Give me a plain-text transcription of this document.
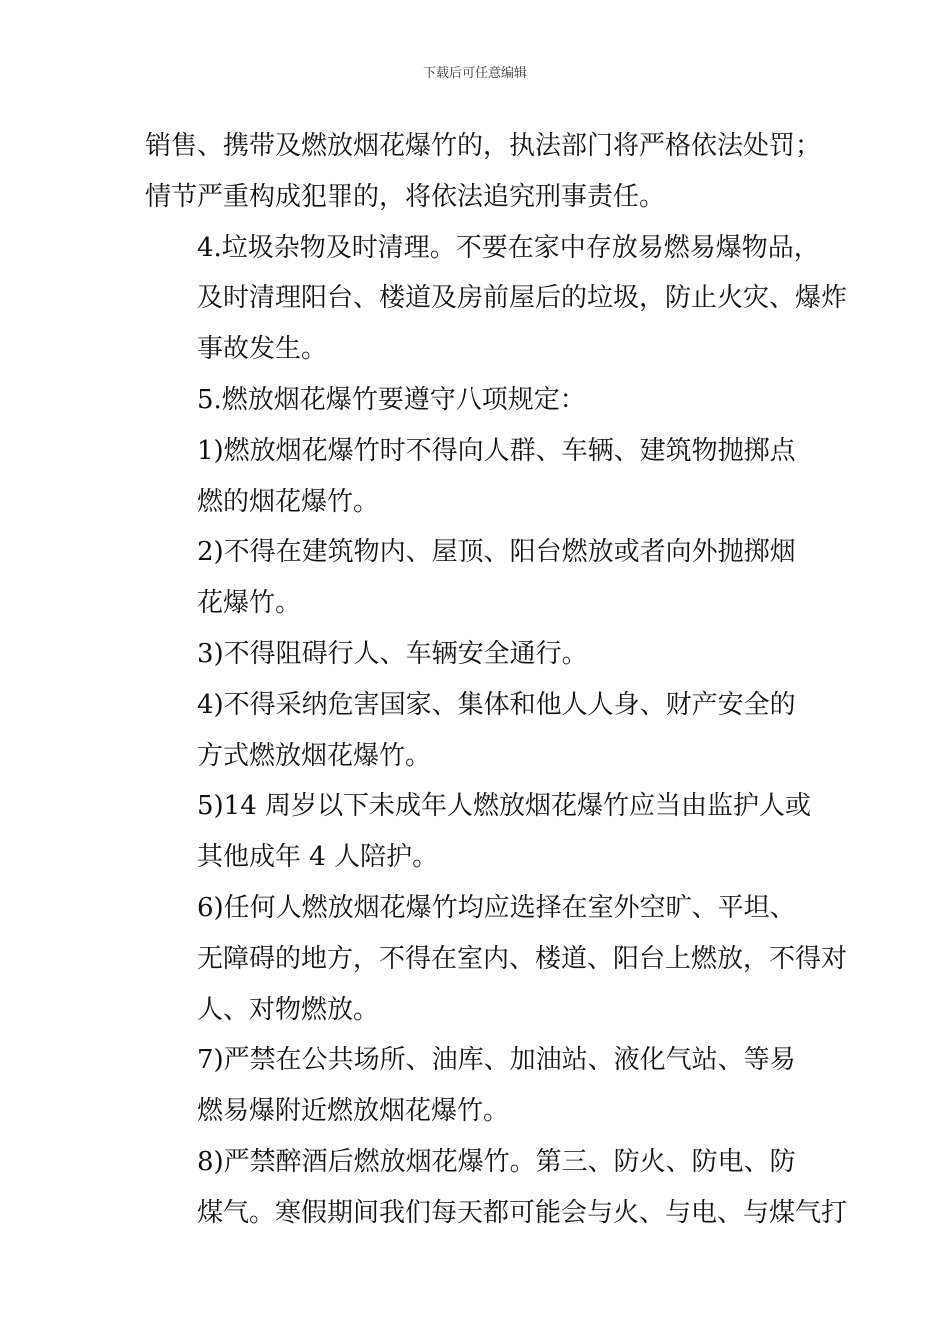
下载后可任意编辑

销售、携带及燃放烟花爆竹的，执法部门将严格依法处罚；
情节严重构成犯罪的，将依法追究刑事责任。

4.垃圾杂物及时清理。不要在家中存放易燃易爆物品，
及时清理阳台、楼道及房前屋后的垃圾，防止火灾、爆炸
事故发生。

5.燃放烟花爆竹要遵守八项规定：

1)燃放烟花爆竹时不得向人群、车辆、建筑物抛掷点
燃的烟花爆竹。

2)不得在建筑物内、屋顶、阳台燃放或者向外抛掷烟
花爆竹。

3)不得阻碍行人、车辆安全通行。

4)不得采纳危害国家、集体和他人人身、财产安全的
方式燃放烟花爆竹。

5)14 周岁以下未成年人燃放烟花爆竹应当由监护人或
其他成年 4 人陪护。

6)任何人燃放烟花爆竹均应选择在室外空旷、平坦、
无障碍的地方，不得在室内、楼道、阳台上燃放，不得对
人、对物燃放。

7)严禁在公共场所、油库、加油站、液化气站、等易
燃易爆附近燃放烟花爆竹。

8)严禁醉酒后燃放烟花爆竹。第三、防火、防电、防
煤气。寒假期间我们每天都可能会与火、与电、与煤气打
